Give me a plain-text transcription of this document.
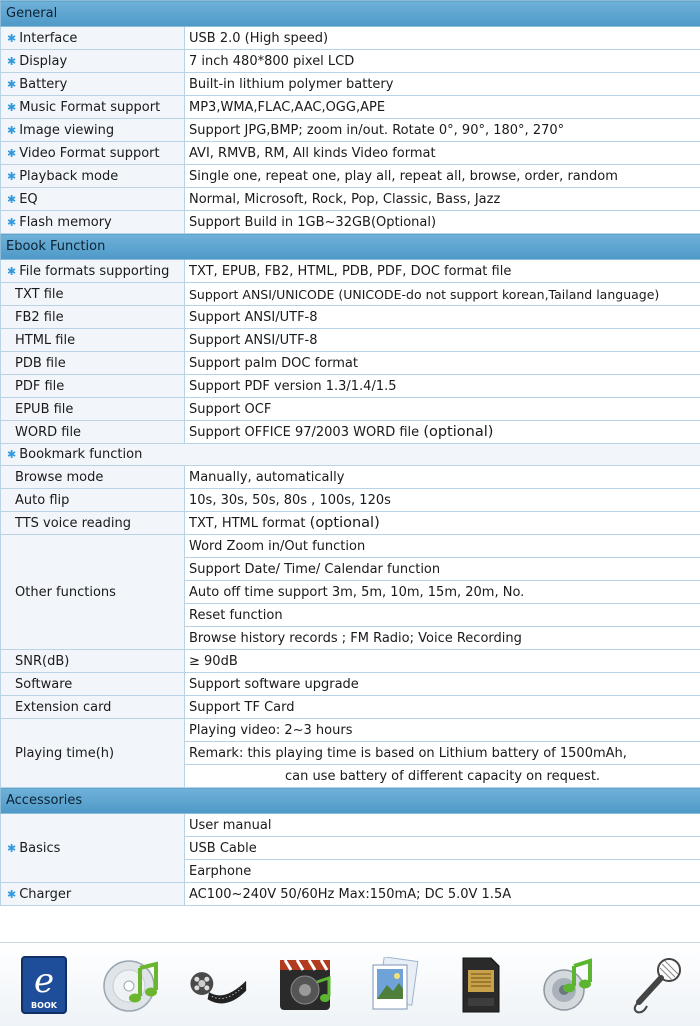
General	
✱ Interface	USB 2.0 (High speed)
✱ Display	7 inch 480*800 pixel LCD
✱ Battery	Built-in lithium polymer battery
✱ Music Format support	MP3,WMA,FLAC,AAC,OGG,APE
✱ Image viewing	Support JPG,BMP; zoom in/out. Rotate 0°, 90°, 180°, 270°
✱ Video Format support	AVI, RMVB, RM, All kinds Video format
✱ Playback mode	Single one, repeat one, play all, repeat all, browse, order, random
✱ EQ	Normal, Microsoft, Rock, Pop, Classic, Bass, Jazz
✱ Flash memory	Support Build in 1GB~32GB(Optional)
Ebook Function	
✱ File formats supporting	TXT, EPUB, FB2, HTML, PDB, PDF, DOC format file
TXT file	Support ANSI/UNICODE (UNICODE-do not support korean,Tailand language)
FB2 file	Support ANSI/UTF-8
HTML file	Support ANSI/UTF-8
PDB file	Support palm DOC format
PDF file	Support PDF version 1.3/1.4/1.5
EPUB file	Support OCF
WORD file	Support OFFICE 97/2003 WORD file (optional)
✱ Bookmark function	
Browse mode	Manually, automatically
Auto flip	10s, 30s, 50s, 80s , 100s, 120s
TTS voice reading	TXT, HTML format (optional)
Other functions	Word Zoom in/Out function
	Support Date/ Time/ Calendar function
	Auto off time support 3m, 5m, 10m, 15m, 20m, No.
	Reset function
	Browse history records ; FM Radio; Voice Recording
SNR(dB)	≥ 90dB
Software	Support software upgrade
Extension card	Support TF Card
Playing time(h)	Playing video: 2~3 hours
	Remark: this playing time is based on Lithium battery of 1500mAh,
	can use battery of different capacity on request.
Accessories	
✱ Basics	User manual
	USB Cable
	Earphone
✱ Charger	AC100~240V 50/60Hz Max:150mA; DC 5.0V 1.5A
e
BOOK
